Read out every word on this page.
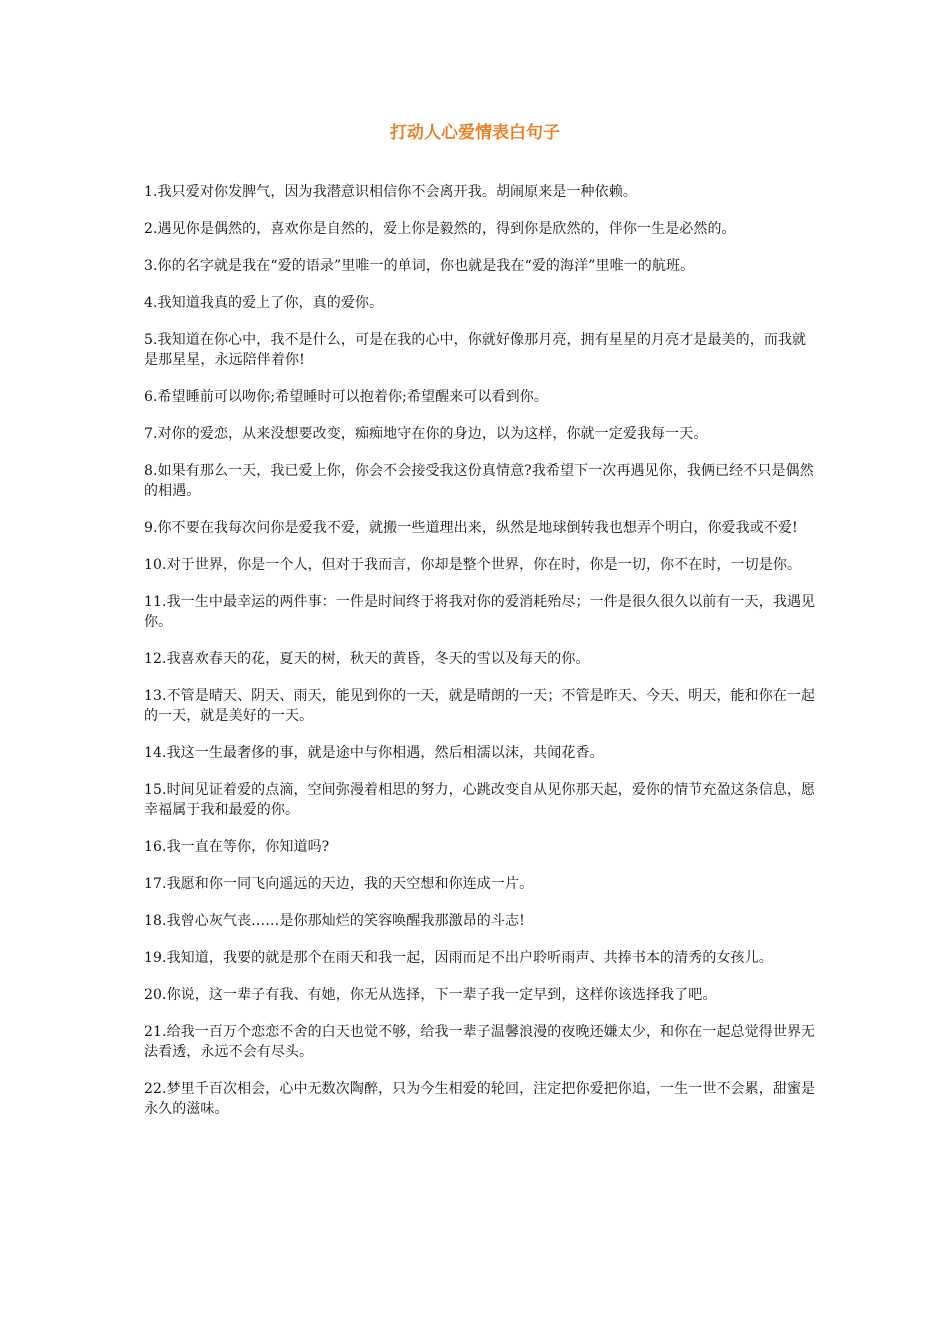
打动人心爱情表白句子
1.我只爱对你发脾气，因为我潜意识相信你不会离开我。胡闹原来是一种依赖。
2.遇见你是偶然的，喜欢你是自然的，爱上你是毅然的，得到你是欣然的，伴你一生是必然的。
3.你的名字就是我在“爱的语录”里唯一的单词，你也就是我在“爱的海洋”里唯一的航班。
4.我知道我真的爱上了你，真的爱你。
5.我知道在你心中，我不是什么，可是在我的心中，你就好像那月亮，拥有星星的月亮才是最美的，而我就是那星星，永远陪伴着你!
6.希望睡前可以吻你;希望睡时可以抱着你;希望醒来可以看到你。
7.对你的爱恋，从来没想要改变，痴痴地守在你的身边，以为这样，你就一定爱我每一天。
8.如果有那么一天，我已爱上你，你会不会接受我这份真情意?我希望下一次再遇见你，我俩已经不只是偶然的相遇。
9.你不要在我每次问你是爱我不爱，就搬一些道理出来，纵然是地球倒转我也想弄个明白，你爱我或不爱!
10.对于世界，你是一个人，但对于我而言，你却是整个世界，你在时，你是一切，你不在时，一切是你。
11.我一生中最幸运的两件事：一件是时间终于将我对你的爱消耗殆尽；一件是很久很久以前有一天，我遇见你。
12.我喜欢春天的花，夏天的树，秋天的黄昏，冬天的雪以及每天的你。
13.不管是晴天、阴天、雨天，能见到你的一天，就是晴朗的一天；不管是昨天、今天、明天，能和你在一起的一天，就是美好的一天。
14.我这一生最奢侈的事，就是途中与你相遇，然后相濡以沫，共闻花香。
15.时间见证着爱的点滴，空间弥漫着相思的努力，心跳改变自从见你那天起，爱你的情节充盈这条信息，愿幸福属于我和最爱的你。
16.我一直在等你，你知道吗?
17.我愿和你一同飞向遥远的天边，我的天空想和你连成一片。
18.我曾心灰气丧……是你那灿烂的笑容唤醒我那激昂的斗志!
19.我知道，我要的就是那个在雨天和我一起，因雨而足不出户聆听雨声、共捧书本的清秀的女孩儿。
20.你说，这一辈子有我、有她，你无从选择，下一辈子我一定早到，这样你该选择我了吧。
21.给我一百万个恋恋不舍的白天也觉不够，给我一辈子温馨浪漫的夜晚还嫌太少，和你在一起总觉得世界无法看透，永远不会有尽头。
22.梦里千百次相会，心中无数次陶醉，只为今生相爱的轮回，注定把你爱把你追，一生一世不会累，甜蜜是永久的滋味。
